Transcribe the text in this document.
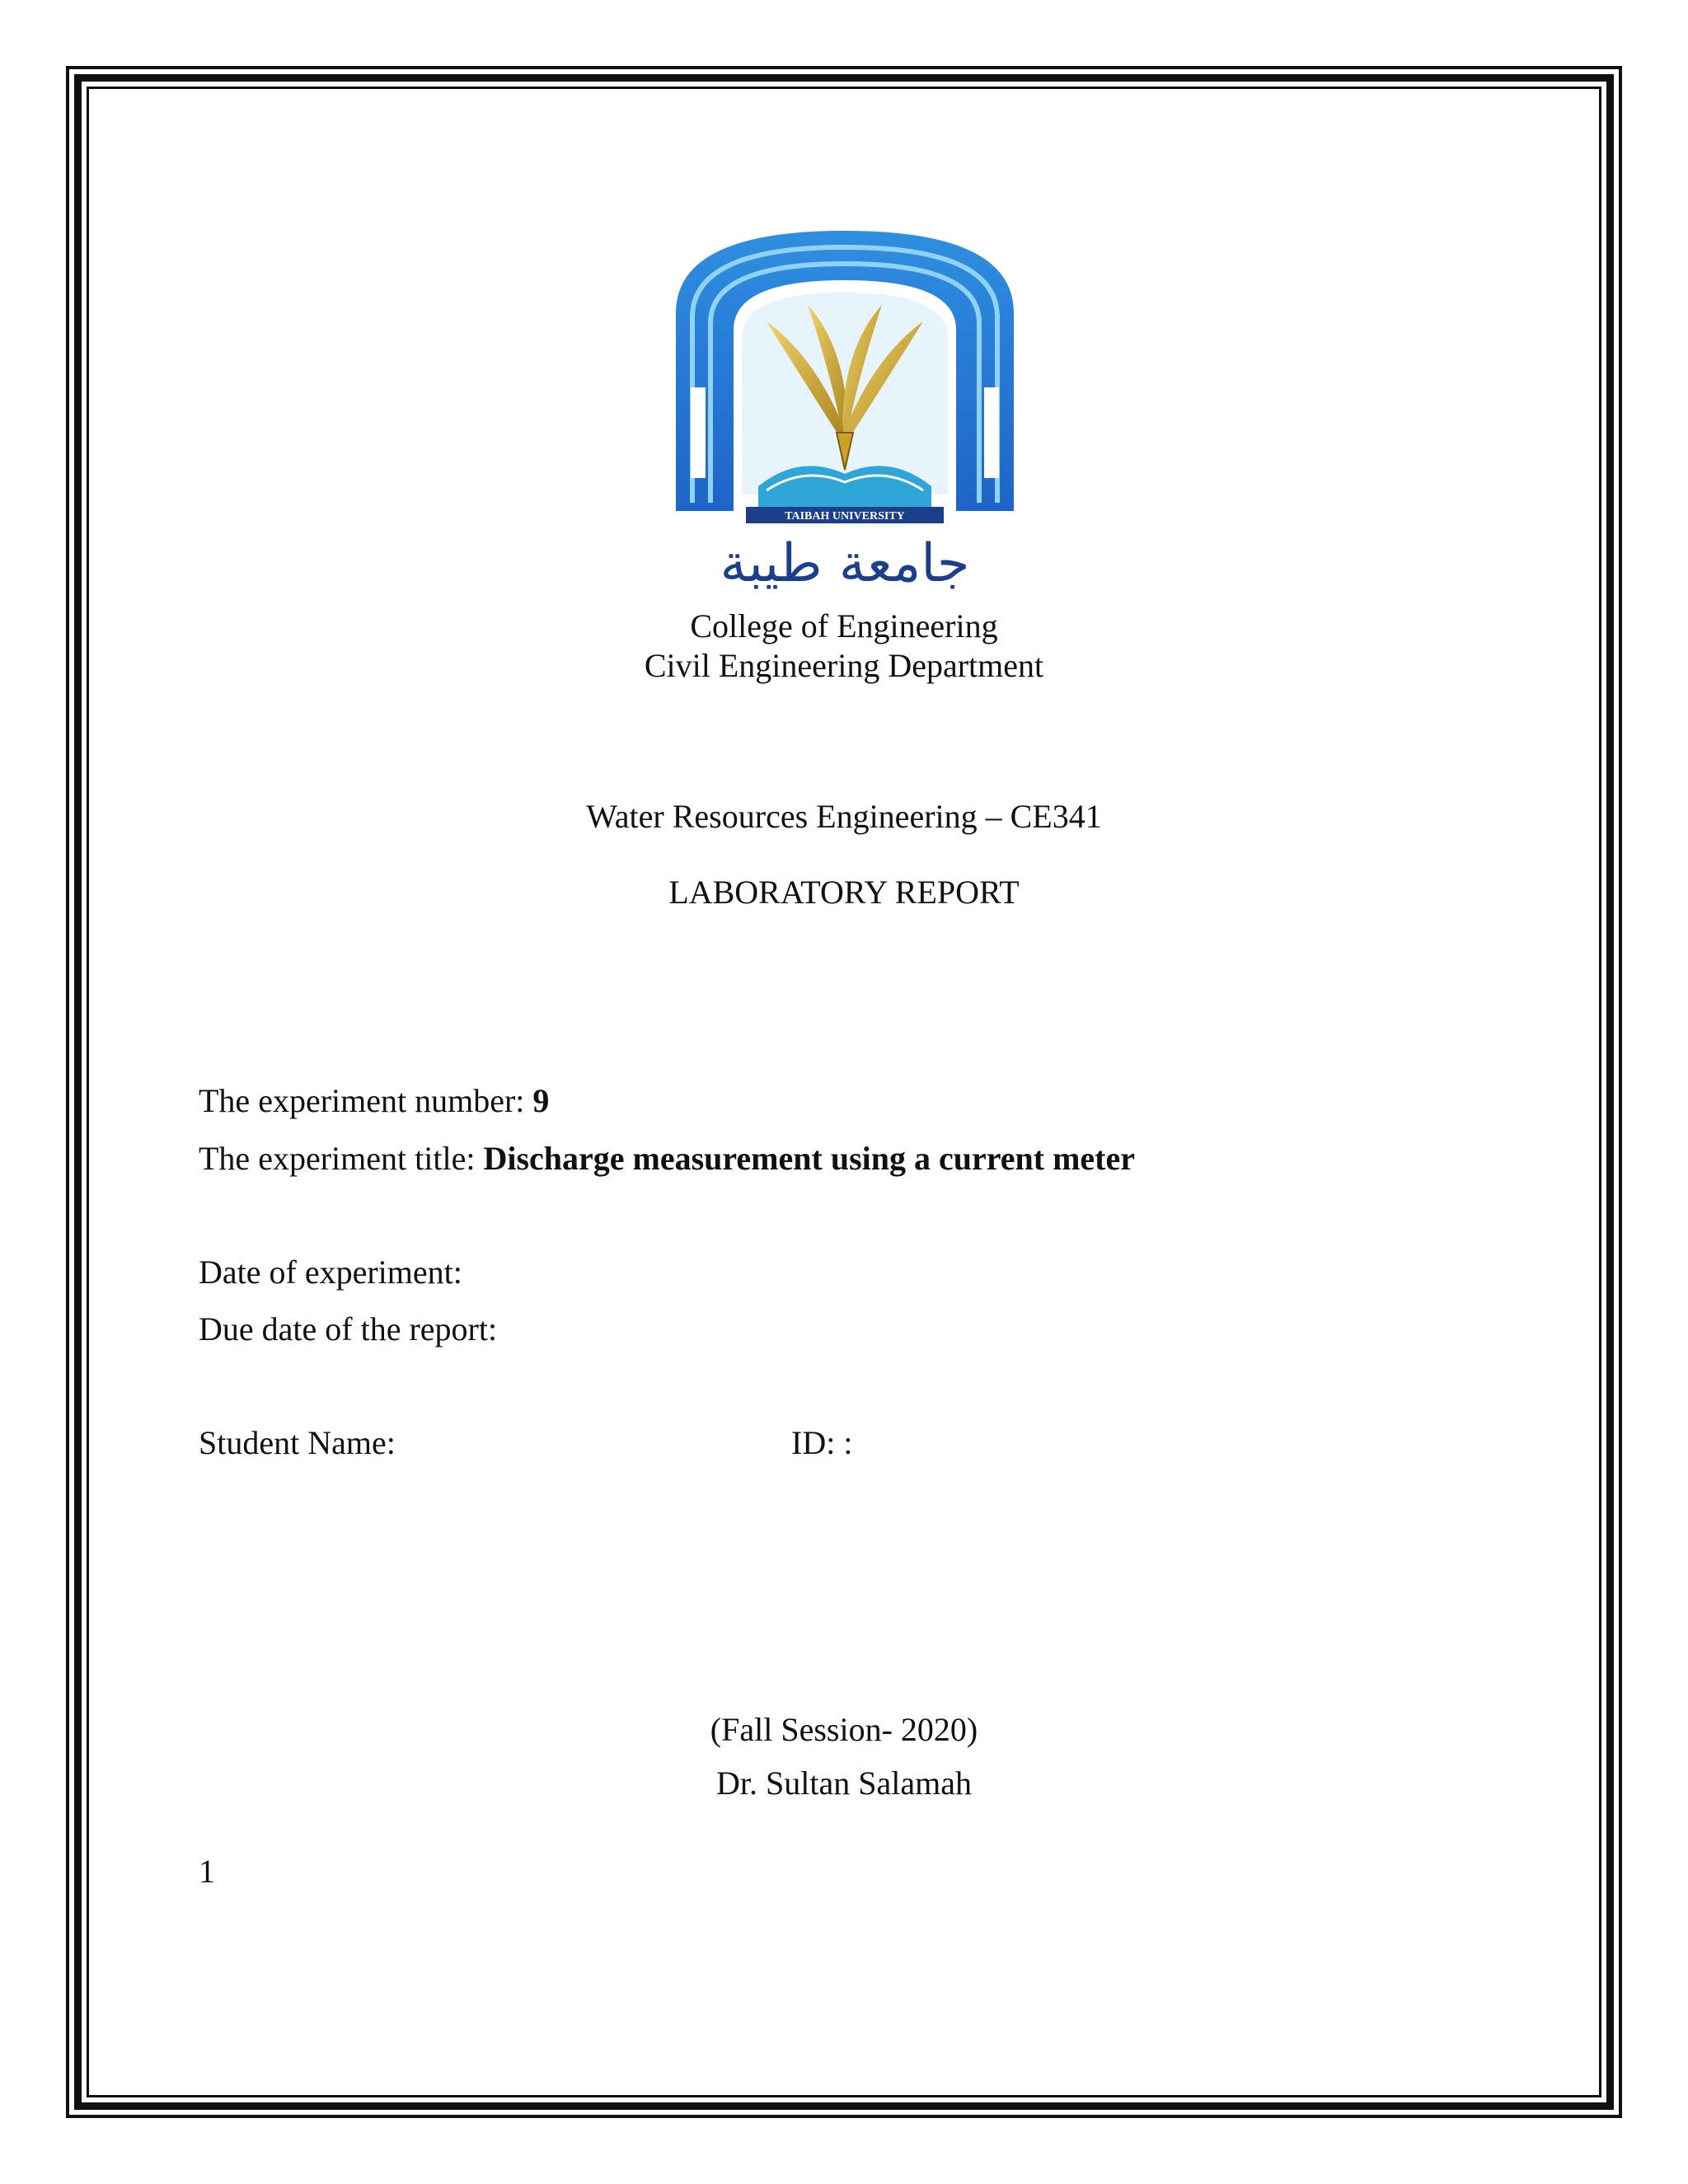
TAIBAH UNIVERSITY
جامعة طيبة
College of Engineering
Civil Engineering Department
Water Resources Engineering – CE341
LABORATORY REPORT
The experiment number: 9
The experiment title: Discharge measurement using a current meter
Date of experiment:
Due date of the report:
Student Name:	ID: :
(Fall Session- 2020)
Dr. Sultan Salamah
1
